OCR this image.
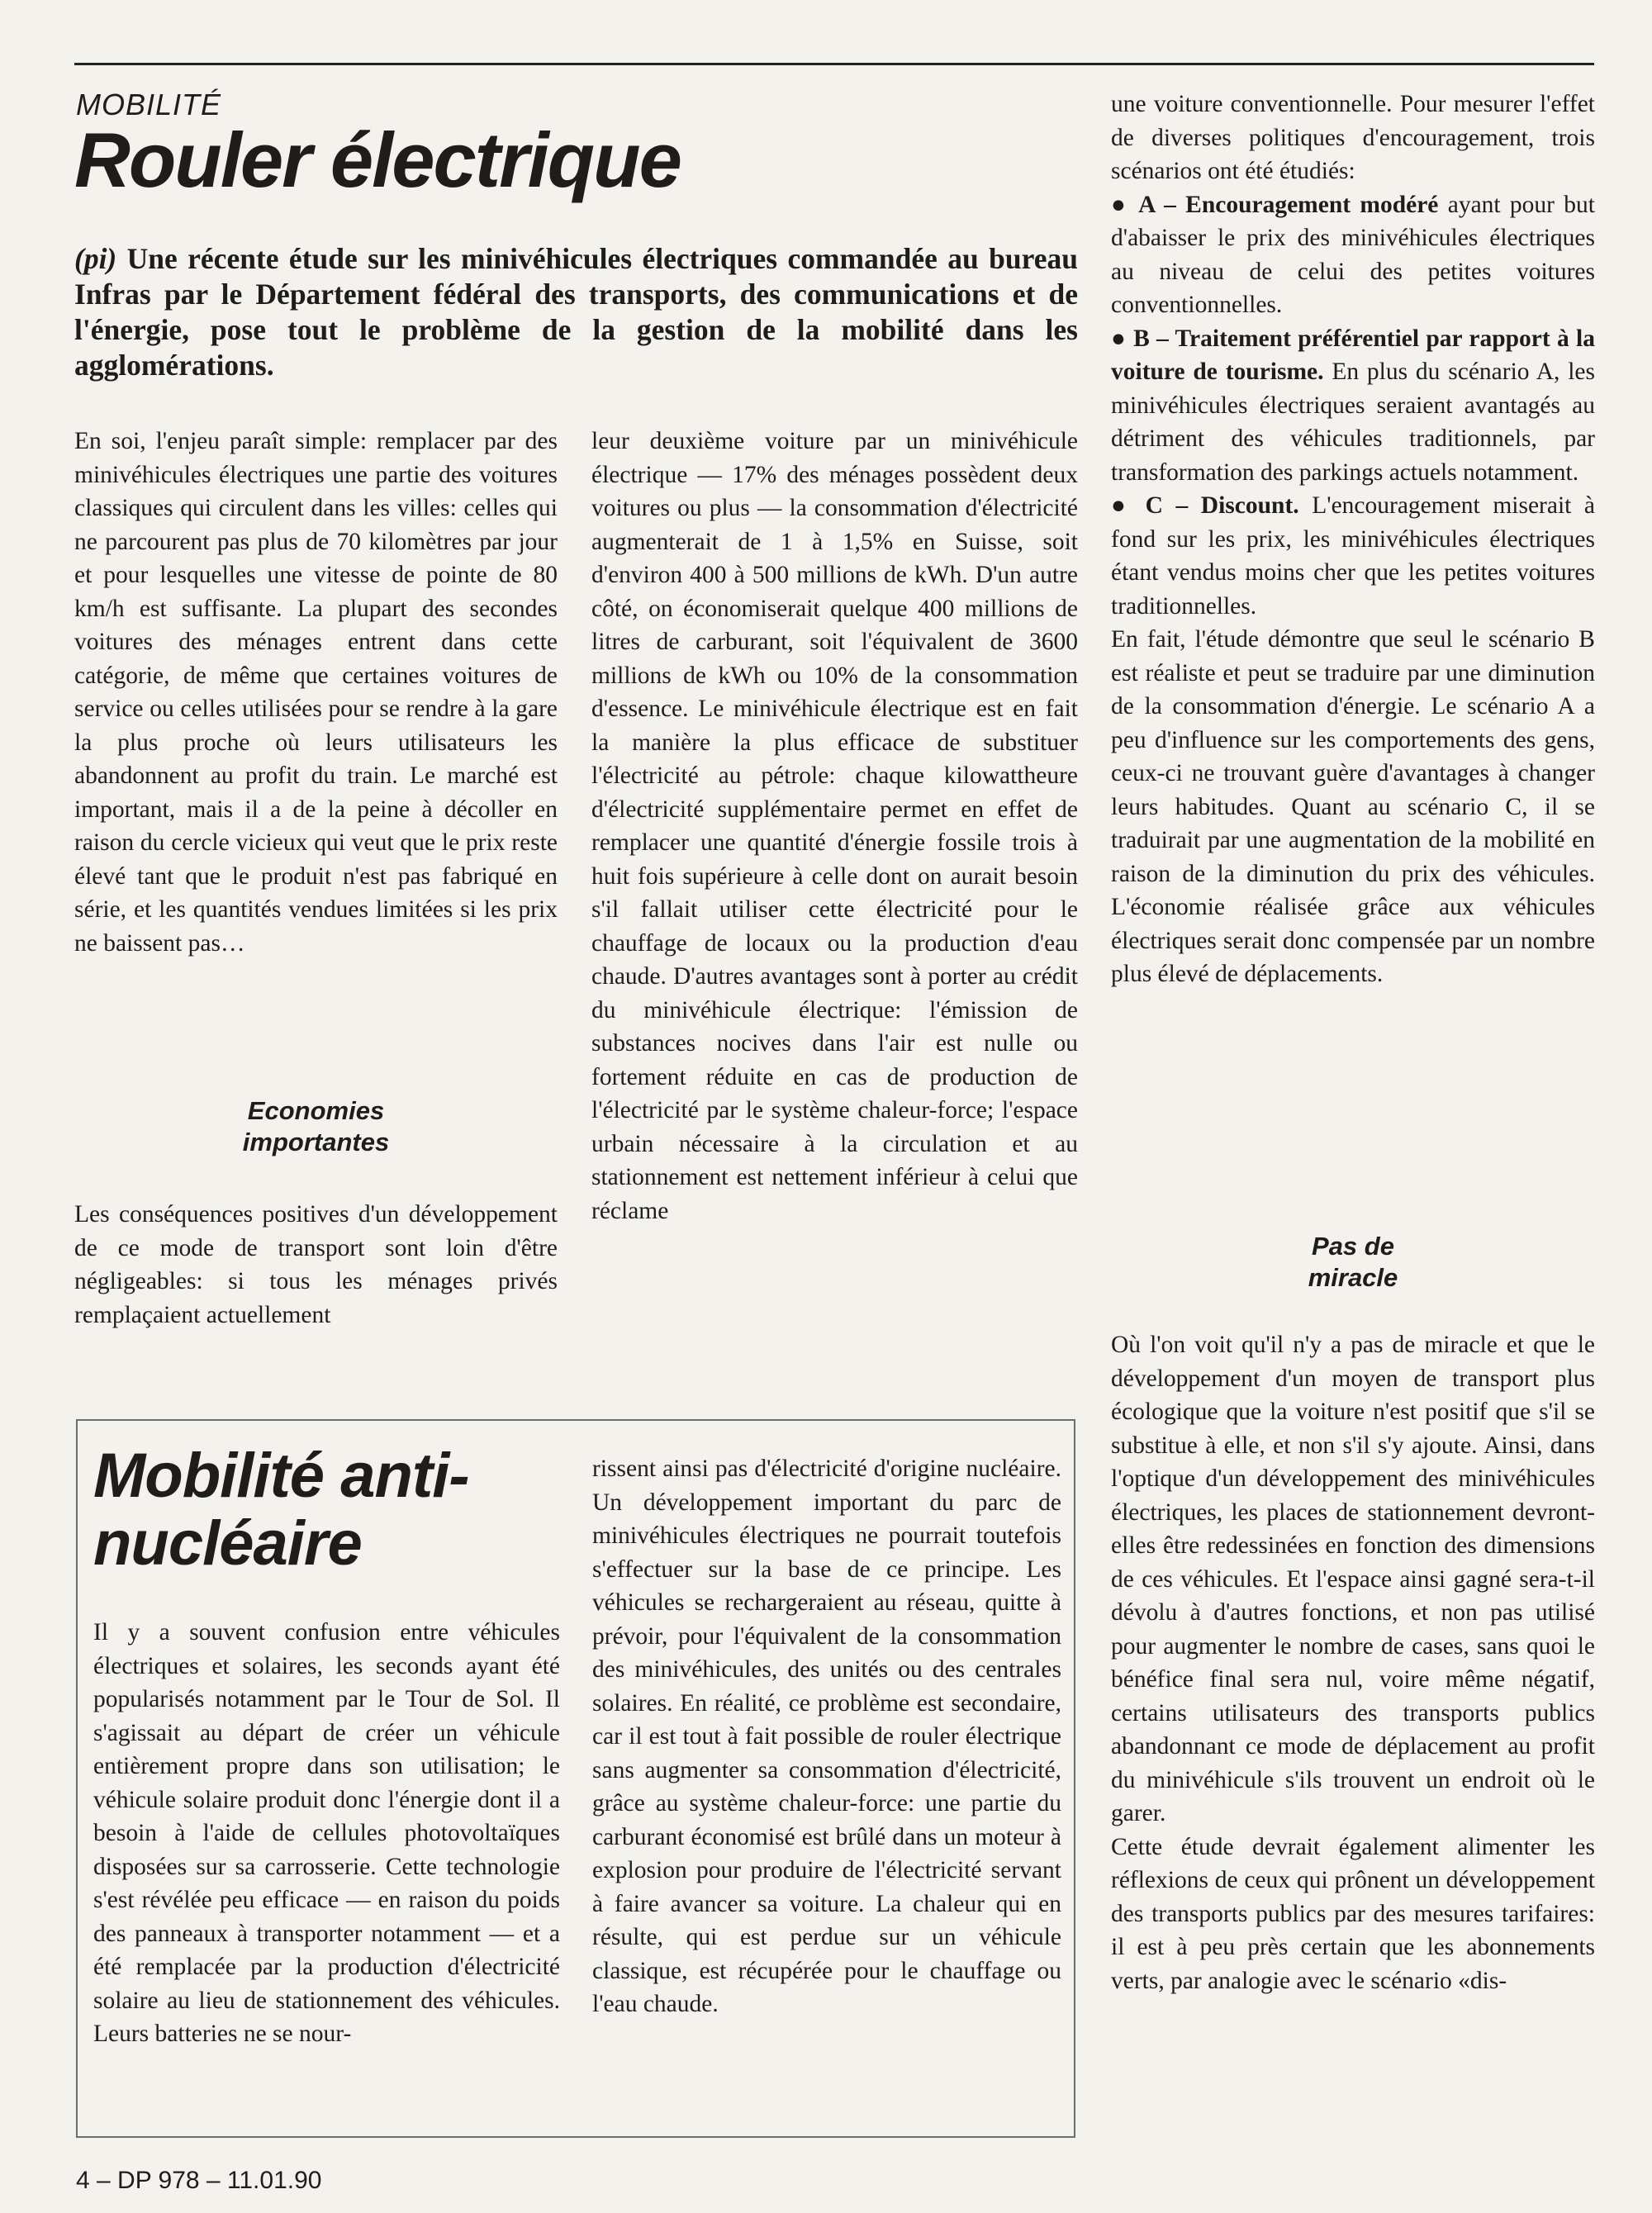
MOBILITÉ
Rouler électrique

(pi) Une récente étude sur les minivéhicules électriques commandée au bureau Infras par le Département fédéral des transports, des communications et de l'énergie, pose tout le problème de la gestion de la mobilité dans les agglomérations.

En soi, l'enjeu paraît simple: remplacer par des minivéhicules électriques une partie des voitures classiques qui circulent dans les villes: celles qui ne parcourent pas plus de 70 kilomètres par jour et pour lesquelles une vitesse de pointe de 80 km/h est suffisante. La plupart des secondes voitures des ménages entrent dans cette catégorie, de même que certaines voitures de service ou celles utilisées pour se rendre à la gare la plus proche où leurs utilisateurs les abandonnent au profit du train. Le marché est important, mais il a de la peine à décoller en raison du cercle vicieux qui veut que le prix reste élevé tant que le produit n'est pas fabriqué en série, et les quantités vendues limitées si les prix ne baissent pas…

Economies
importantes

Les conséquences positives d'un développement de ce mode de transport sont loin d'être négligeables: si tous les ménages privés remplaçaient actuellement

leur deuxième voiture par un minivéhicule électrique — 17% des ménages possèdent deux voitures ou plus — la consommation d'électricité augmenterait de 1 à 1,5% en Suisse, soit d'environ 400 à 500 millions de kWh. D'un autre côté, on économiserait quelque 400 millions de litres de carburant, soit l'équivalent de 3600 millions de kWh ou 10% de la consommation d'essence. Le minivéhicule électrique est en fait la manière la plus efficace de substituer l'électricité au pétrole: chaque kilowattheure d'électricité supplémentaire permet en effet de remplacer une quantité d'énergie fossile trois à huit fois supérieure à celle dont on aurait besoin s'il fallait utiliser cette électricité pour le chauffage de locaux ou la production d'eau chaude. D'autres avantages sont à porter au crédit du minivéhicule électrique: l'émission de substances nocives dans l'air est nulle ou fortement réduite en cas de production de l'électricité par le système chaleur-force; l'espace urbain nécessaire à la circulation et au stationnement est nettement inférieur à celui que réclame

une voiture conventionnelle. Pour mesurer l'effet de diverses politiques d'encouragement, trois scénarios ont été étudiés:

● A – Encouragement modéré ayant pour but d'abaisser le prix des minivéhicules électriques au niveau de celui des petites voitures conventionnelles.

● B – Traitement préférentiel par rapport à la voiture de tourisme. En plus du scénario A, les minivéhicules électriques seraient avantagés au détriment des véhicules traditionnels, par transformation des parkings actuels notamment.

● C – Discount. L'encouragement miserait à fond sur les prix, les minivéhicules électriques étant vendus moins cher que les petites voitures traditionnelles.

En fait, l'étude démontre que seul le scénario B est réaliste et peut se traduire par une diminution de la consommation d'énergie. Le scénario A a peu d'influence sur les comportements des gens, ceux-ci ne trouvant guère d'avantages à changer leurs habitudes. Quant au scénario C, il se traduirait par une augmentation de la mobilité en raison de la diminution du prix des véhicules. L'économie réalisée grâce aux véhicules électriques serait donc compensée par un nombre plus élevé de déplacements.

Pas de
miracle

Où l'on voit qu'il n'y a pas de miracle et que le développement d'un moyen de transport plus écologique que la voiture n'est positif que s'il se substitue à elle, et non s'il s'y ajoute. Ainsi, dans l'optique d'un développement des minivéhicules électriques, les places de stationnement devront-elles être redessinées en fonction des dimensions de ces véhicules. Et l'espace ainsi gagné sera-t-il dévolu à d'autres fonctions, et non pas utilisé pour augmenter le nombre de cases, sans quoi le bénéfice final sera nul, voire même négatif, certains utilisateurs des transports publics abandonnant ce mode de déplacement au profit du minivéhicule s'ils trouvent un endroit où le garer.

Cette étude devrait également alimenter les réflexions de ceux qui prônent un développement des transports publics par des mesures tarifaires: il est à peu près certain que les abonnements verts, par analogie avec le scénario «dis-

Mobilité anti-
nucléaire

Il y a souvent confusion entre véhicules électriques et solaires, les seconds ayant été popularisés notamment par le Tour de Sol. Il s'agissait au départ de créer un véhicule entièrement propre dans son utilisation; le véhicule solaire produit donc l'énergie dont il a besoin à l'aide de cellules photovoltaïques disposées sur sa carrosserie. Cette technologie s'est révélée peu efficace — en raison du poids des panneaux à transporter notamment — et a été remplacée par la production d'électricité solaire au lieu de stationnement des véhicules. Leurs batteries ne se nour-

rissent ainsi pas d'électricité d'origine nucléaire. Un développement important du parc de minivéhicules électriques ne pourrait toutefois s'effectuer sur la base de ce principe. Les véhicules se rechargeraient au réseau, quitte à prévoir, pour l'équivalent de la consommation des minivéhicules, des unités ou des centrales solaires. En réalité, ce problème est secondaire, car il est tout à fait possible de rouler électrique sans augmenter sa consommation d'électricité, grâce au système chaleur-force: une partie du carburant économisé est brûlé dans un moteur à explosion pour produire de l'électricité servant à faire avancer sa voiture. La chaleur qui en résulte, qui est perdue sur un véhicule classique, est récupérée pour le chauffage ou l'eau chaude.

4 – DP 978 – 11.01.90
